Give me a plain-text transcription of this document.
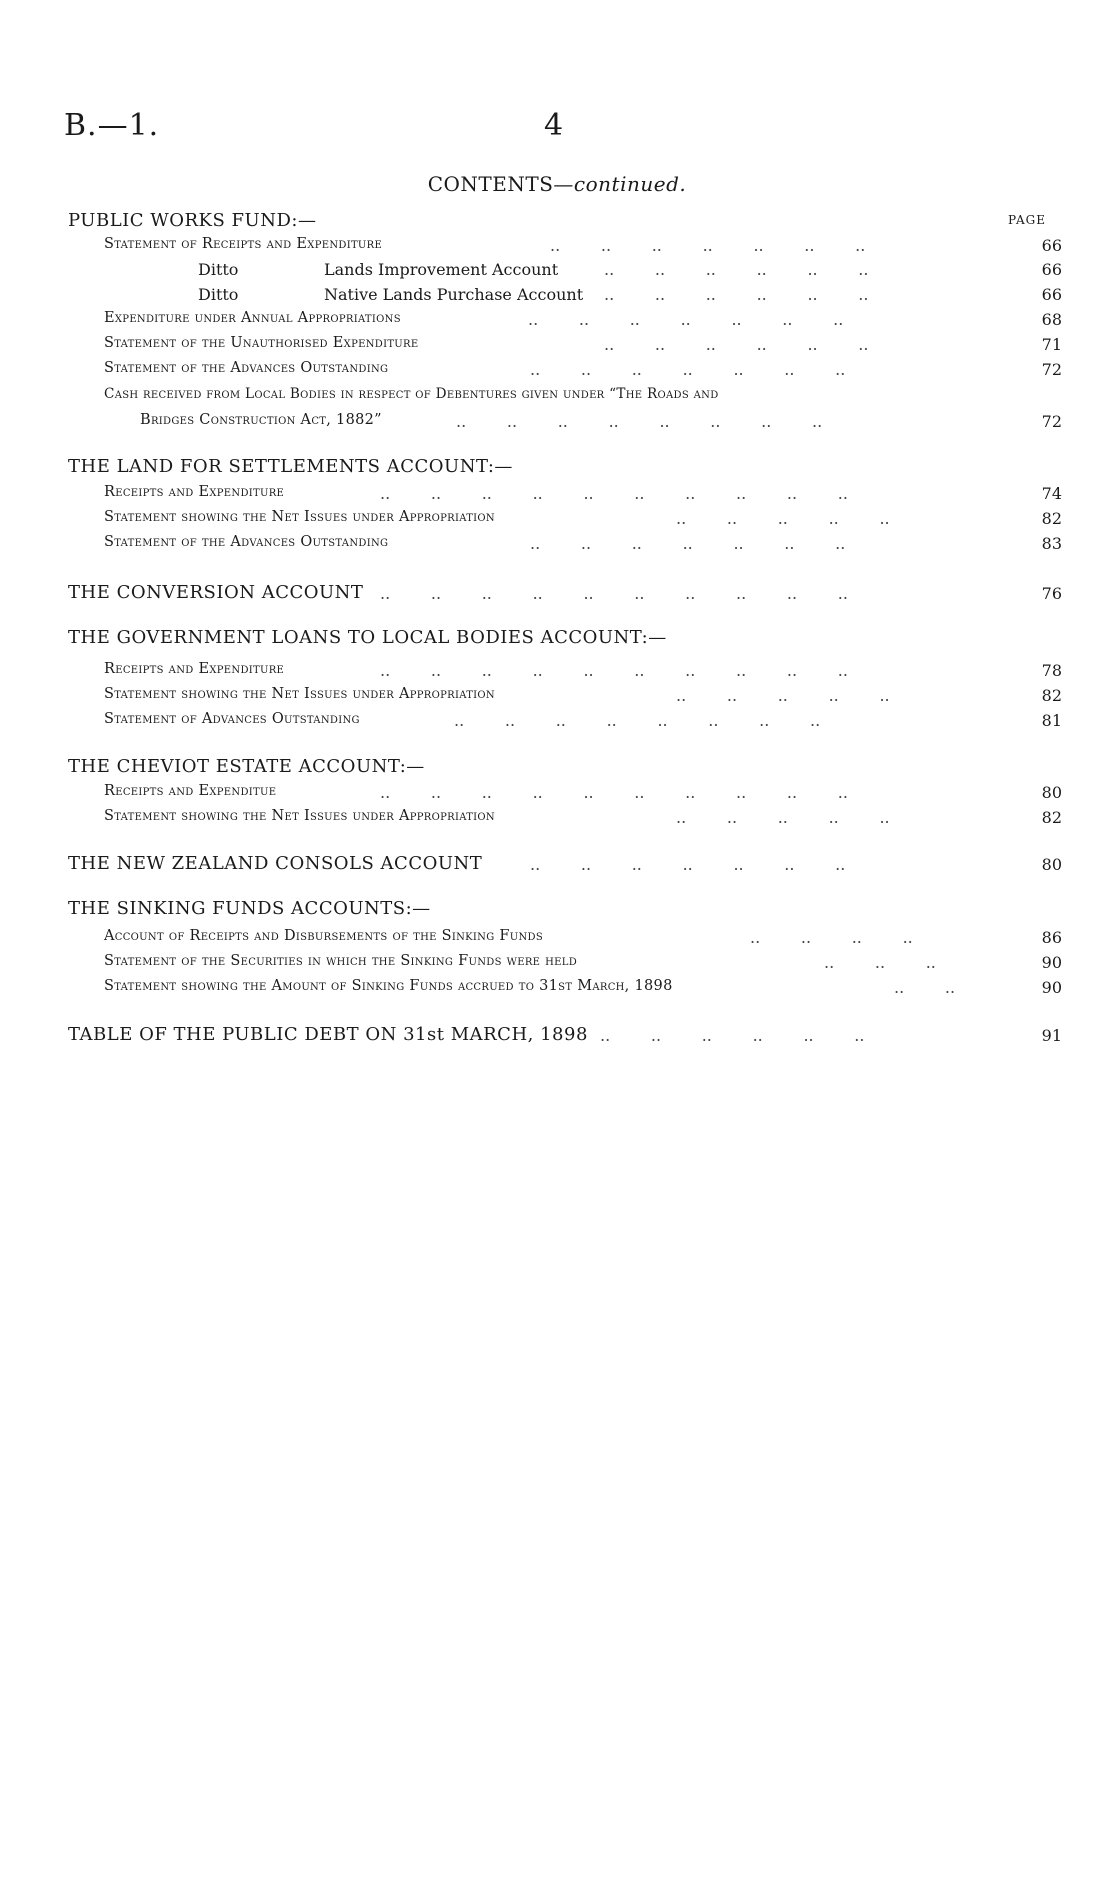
B.—1.	4
CONTENTS—continued.
PAGE
PUBLIC WORKS FUND:—
Statement of Receipts and Expenditure	..        ..        ..        ..        ..        ..        ..	66
Ditto	Lands Improvement Account	..        ..        ..        ..        ..        ..	66
Ditto	Native Lands Purchase Account ..        ..        ..        ..        ..        ..	66
Expenditure under Annual Appropriations	..        ..        ..        ..        ..        ..        ..	68
Statement of the Unauthorised Expenditure	..        ..        ..        ..        ..        ..	71
Statement of the Advances Outstanding	..        ..        ..        ..        ..        ..        ..	72
Cash received from Local Bodies in respect of Debentures given under “The Roads and
Bridges Construction Act, 1882”	..        ..        ..        ..        ..        ..        ..        ..	72
THE LAND FOR SETTLEMENTS ACCOUNT:—
Receipts and Expenditure	..        ..        ..        ..        ..        ..        ..        ..        ..        ..	74
Statement showing the Net Issues under Appropriation	..        ..        ..        ..        ..	82
Statement of the Advances Outstanding	..        ..        ..        ..        ..        ..        ..	83
THE CONVERSION ACCOUNT ..        ..        ..        ..        ..        ..        ..        ..        ..        ..	76
THE GOVERNMENT LOANS TO LOCAL BODIES ACCOUNT:—
Receipts and Expenditure	..        ..        ..        ..        ..        ..        ..        ..        ..        ..	78
Statement showing the Net Issues under Appropriation	..        ..        ..        ..        ..	82
Statement of Advances Outstanding	..        ..        ..        ..        ..        ..        ..        ..	81
THE CHEVIOT ESTATE ACCOUNT:—
Receipts and Expenditue	..        ..        ..        ..        ..        ..        ..        ..        ..        ..	80
Statement showing the Net Issues under Appropriation	..        ..        ..        ..        ..	82
THE NEW ZEALAND CONSOLS ACCOUNT	..        ..        ..        ..        ..        ..        ..	80
THE SINKING FUNDS ACCOUNTS:—
Account of Receipts and Disbursements of the Sinking Funds	..        ..        ..        ..	86
Statement of the Securities in which the Sinking Funds were held	..        ..        ..	90
Statement showing the Amount of Sinking Funds accrued to 31st March, 1898	..        ..	90
TABLE OF THE PUBLIC DEBT ON 31st MARCH, 1898 ..        ..        ..        ..        ..        ..	91
